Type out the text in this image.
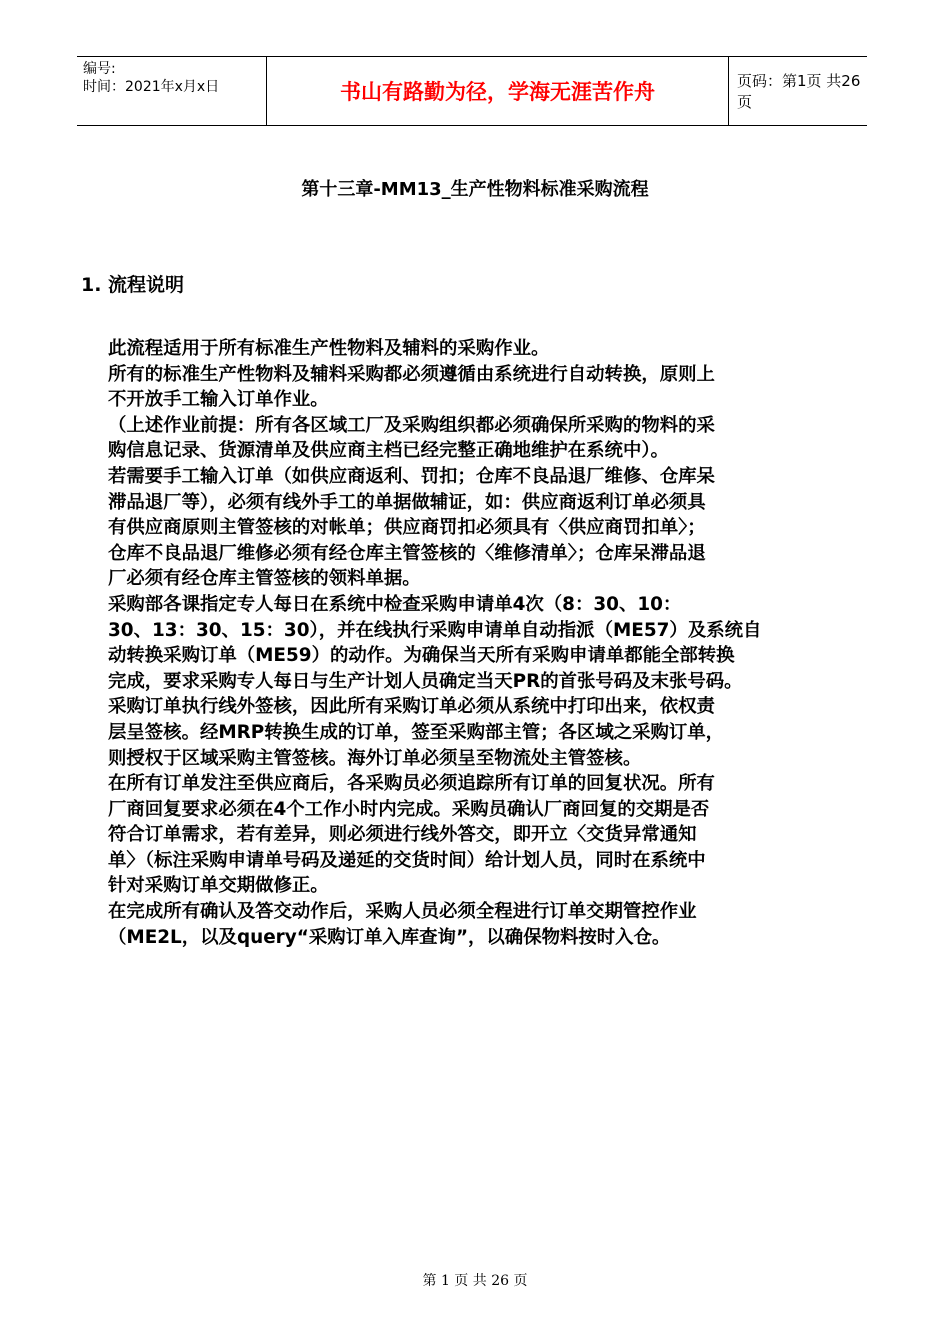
编号:
时间：2021年x月x日	书山有路勤为径，学海无涯苦作舟	页码：第1页 共26页
第十三章-MM13_生产性物料标准采购流程
1. 流程说明

此流程适用于所有标准生产性物料及辅料的采购作业。

所有的标准生产性物料及辅料采购都必须遵循由系统进行自动转换，原则上

不开放手工输入订单作业。

（上述作业前提：所有各区域工厂及采购组织都必须确保所采购的物料的采

购信息记录、货源清单及供应商主档已经完整正确地维护在系统中）。

若需要手工输入订单（如供应商返利、罚扣；仓库不良品退厂维修、仓库呆

滞品退厂等），必须有线外手工的单据做辅证，如：供应商返利订单必须具

有供应商原则主管签核的对帐单；供应商罚扣必须具有〈供应商罚扣单〉；

仓库不良品退厂维修必须有经仓库主管签核的〈维修清单〉；仓库呆滞品退

厂必须有经仓库主管签核的领料单据。

采购部各课指定专人每日在系统中检查采购申请单4次（8：30、10：

30、13：30、15：30），并在线执行采购申请单自动指派（ME57）及系统自

动转换采购订单（ME59）的动作。为确保当天所有采购申请单都能全部转换

完成，要求采购专人每日与生产计划人员确定当天PR的首张号码及末张号码。

采购订单执行线外签核，因此所有采购订单必须从系统中打印出来，依权责

层呈签核。经MRP转换生成的订单，签至采购部主管；各区域之采购订单，

则授权于区域采购主管签核。海外订单必须呈至物流处主管签核。

在所有订单发注至供应商后，各采购员必须追踪所有订单的回复状况。所有

厂商回复要求必须在4个工作小时内完成。采购员确认厂商回复的交期是否

符合订单需求，若有差异，则必须进行线外答交，即开立〈交货异常通知

单〉（标注采购申请单号码及递延的交货时间）给计划人员，同时在系统中

针对采购订单交期做修正。

在完成所有确认及答交动作后，采购人员必须全程进行订单交期管控作业

（ME2L，以及query“采购订单入库查询”，以确保物料按时入仓。

第 1 页 共 26 页
